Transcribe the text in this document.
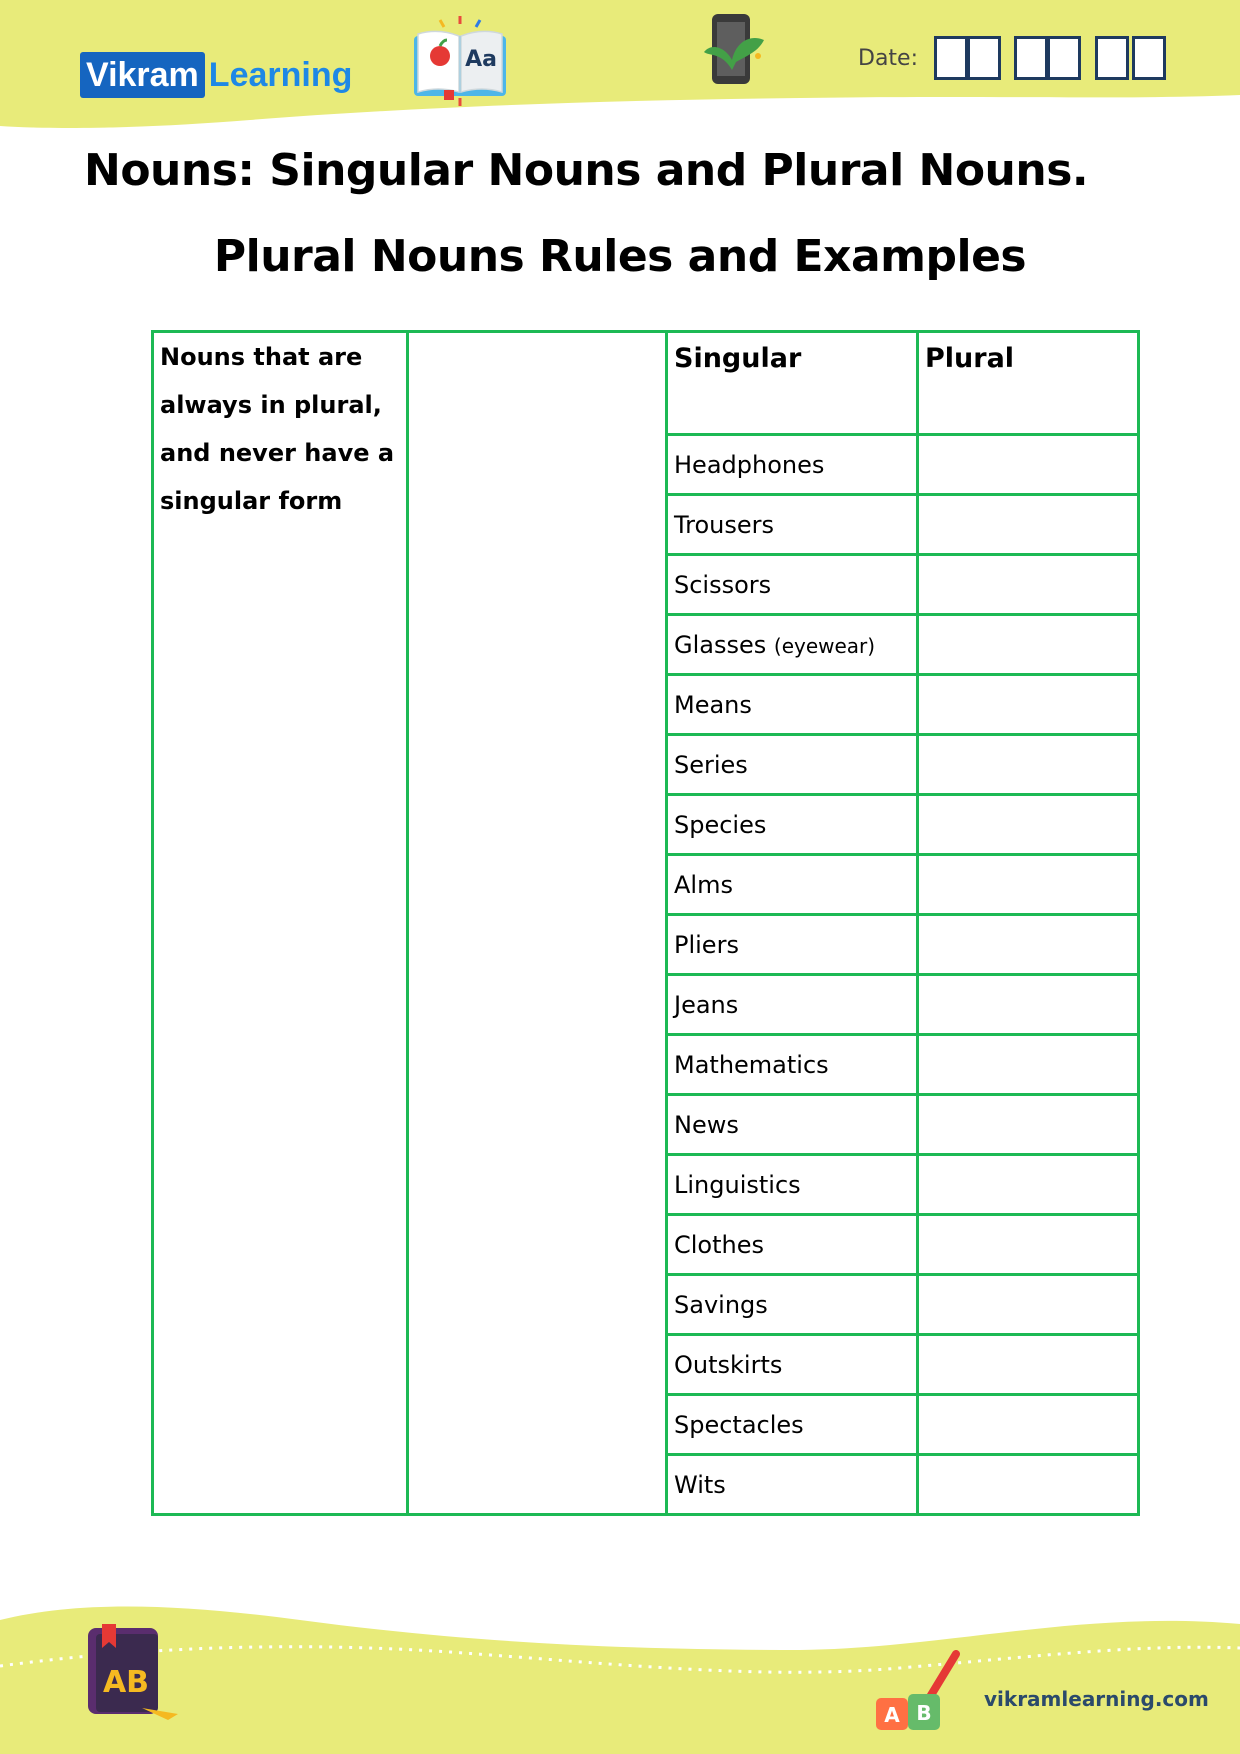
Vikram Learning	Aa	Date:
Nouns: Singular Nouns and Plural Nouns.
Plural Nouns Rules and Examples
Nouns that are always in plural, and never have a singular form		Singular	Plural
		Headphones	
		Trousers	
		Scissors	
		Glasses (eyewear)	
		Means	
		Series	
		Species	
		Alms	
		Pliers	
		Jeans	
		Mathematics	
		News	
		Linguistics	
		Clothes	
		Savings	
		Outskirts	
		Spectacles	
		Wits	
AB
A B
vikramlearning.com
